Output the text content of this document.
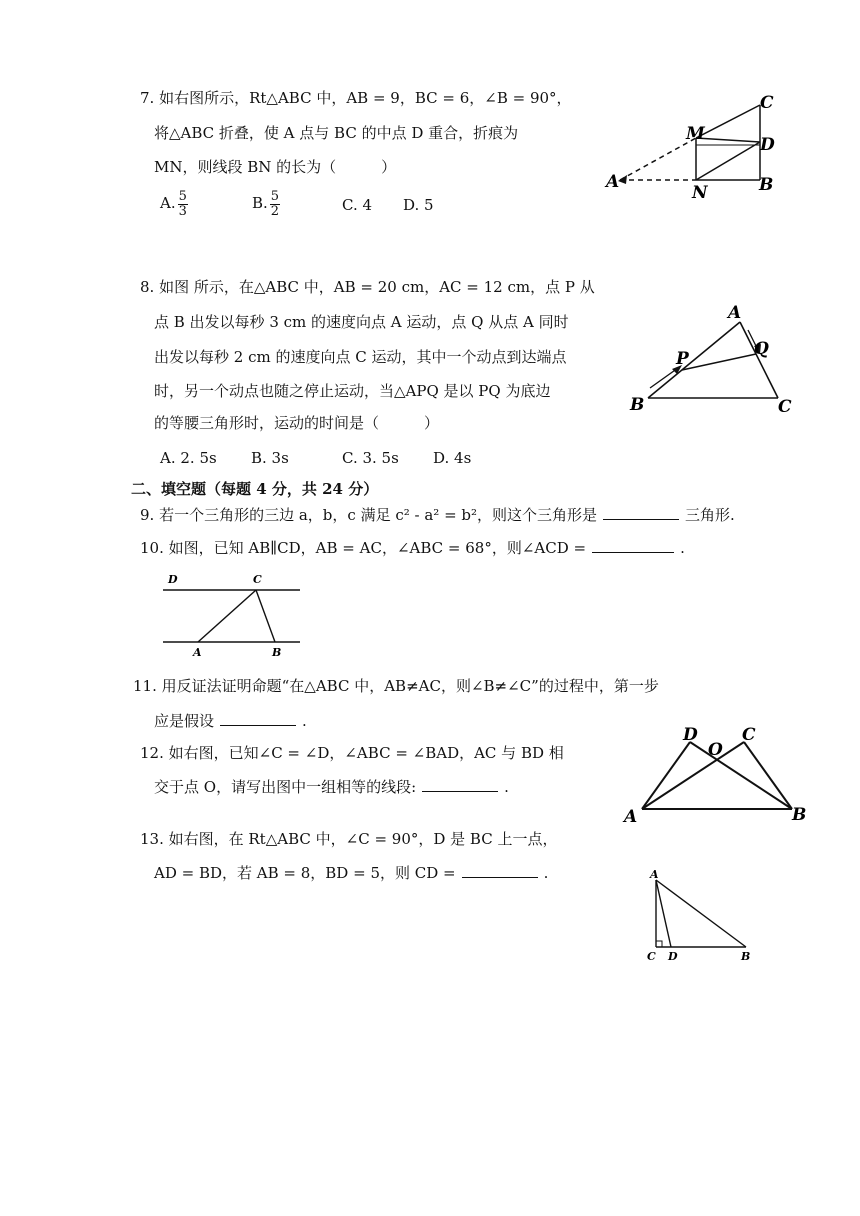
7. 如右图所示，Rt△ABC 中，AB = 9，BC = 6，∠B = 90°，
将△ABC 折叠，使 A 点与 BC 的中点 D 重合，折痕为
MN，则线段 BN 的长为（　　　）
A. $\frac{5}{3}$	B. $\frac{5}{2}$	C. 4 D. 5
A
M
N	B
D
C
8. 如图 所示，在△ABC 中，AB = 20 cm，AC = 12 cm，点 P 从
点 B 出发以每秒 3 cm 的速度向点 A 运动，点 Q 从点 A 同时
出发以每秒 2 cm 的速度向点 C 运动，其中一个动点到达端点
时，另一个动点也随之停止运动，当△APQ 是以 PQ 为底边
的等腰三角形时，运动的时间是（　　　）
A. 2. 5s B. 3s	C. 3. 5s D. 4s
B	C
A
P	Q
二、填空题（每题 4 分，共 24 分）
9. 若一个三角形的三边 a，b，c 满足 c² - a² = b²，则这个三角形是	三角形.
10. 如图，已知 AB∥CD，AB = AC，∠ABC = 68°，则∠ACD =	.
D	C
A	B
11. 用反证法证明命题“在△ABC 中，AB≠AC，则∠B≠∠C”的过程中，第一步
应是假设	.
12. 如右图，已知∠C = ∠D，∠ABC = ∠BAD，AC 与 BD 相
交于点 O，请写出图中一组相等的线段:	.
D
O
C
A	B
13. 如右图，在 Rt△ABC 中，∠C = 90°，D 是 BC 上一点，
AD = BD，若 AB = 8，BD = 5，则 CD =	.	A
C D	B
